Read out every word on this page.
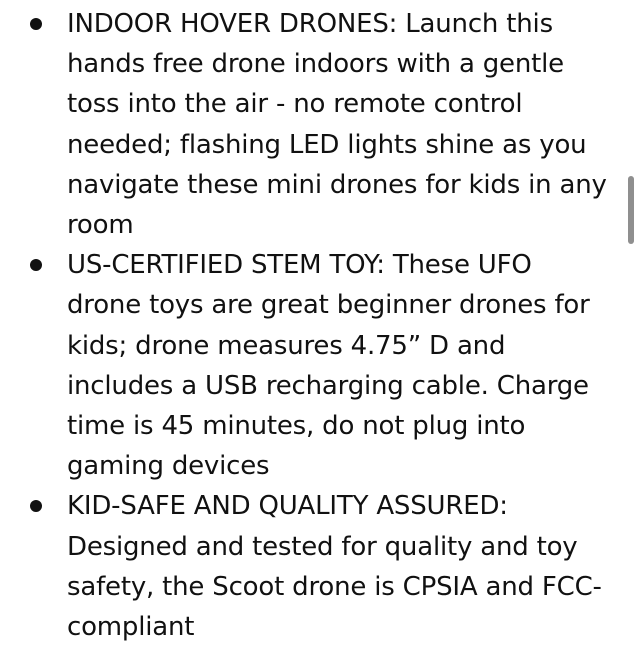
INDOOR HOVER DRONES: Launch this hands free drone indoors with a gentle toss into the air - no remote control needed; flashing LED lights shine as you navigate these mini drones for kids in any room
US-CERTIFIED STEM TOY: These UFO drone toys are great beginner drones for kids; drone measures 4.75” D and includes a USB recharging cable. Charge time is 45 minutes, do not plug into gaming devices
KID-SAFE AND QUALITY ASSURED: Designed and tested for quality and toy safety, the Scoot drone is CPSIA and FCC-compliant
